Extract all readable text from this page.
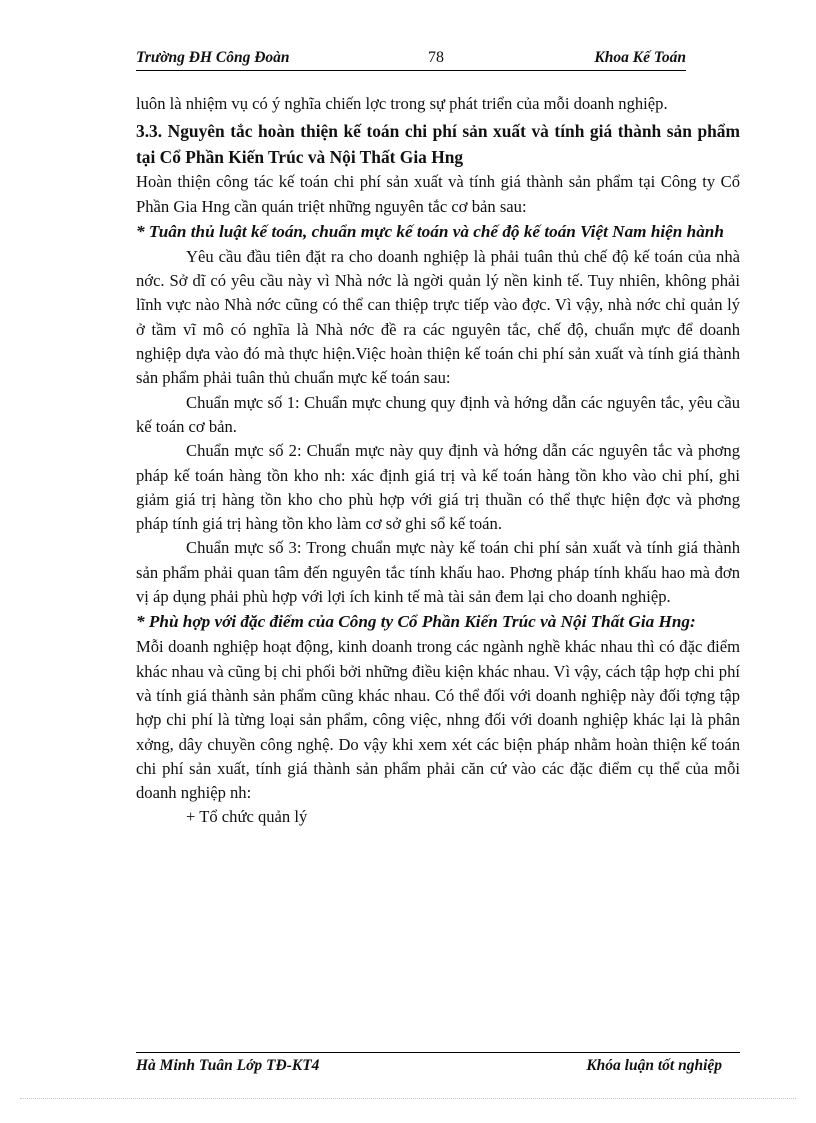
Trường ĐH Công Đoàn	78	Khoa Kế Toán

luôn là nhiệm vụ có ý nghĩa chiến lợc trong sự phát triển của mỗi doanh nghiệp.

3.3. Nguyên tắc hoàn thiện kế toán chi phí sản xuất và tính giá thành sản phẩm tại Cổ Phần Kiến Trúc và Nội Thất Gia Hng

Hoàn thiện công tác kế toán chi phí sản xuất và tính giá thành sản phẩm tại Công ty Cổ Phần Gia Hng cần quán triệt những nguyên tắc cơ bản sau:

* Tuân thủ luật kế toán, chuẩn mực kế toán và chế độ kế toán Việt Nam hiện hành

Yêu cầu đầu tiên đặt ra cho doanh nghiệp là phải tuân thủ chế độ kế toán của nhà nớc. Sở dĩ có yêu cầu này vì Nhà nớc là ngời quản lý nền kinh tế. Tuy nhiên, không phải lĩnh vực nào Nhà nớc cũng có thể can thiệp trực tiếp vào đợc. Vì vậy, nhà nớc chỉ quản lý ở tầm vĩ mô có nghĩa là Nhà nớc đề ra các nguyên tắc, chế độ, chuẩn mực để doanh nghiệp dựa vào đó mà thực hiện.Việc hoàn thiện kế toán chi phí sản xuất và tính giá thành sản phẩm phải tuân thủ chuẩn mực kế toán sau:

Chuẩn mực số 1: Chuẩn mực chung quy định và hớng dẫn các nguyên tắc, yêu cầu kế toán cơ bản.

Chuẩn mực số 2: Chuẩn mực này quy định và hớng dẫn các nguyên tắc và phơng pháp kế toán hàng tồn kho nh: xác định giá trị và kế toán hàng tồn kho vào chi phí, ghi giảm giá trị hàng tồn kho cho phù hợp với giá trị thuần có thể thực hiện đợc và phơng pháp tính giá trị hàng tồn kho làm cơ sở ghi sổ kế toán.

Chuẩn mực số 3: Trong chuẩn mực này kế toán chi phí sản xuất và tính giá thành sản phẩm phải quan tâm đến nguyên tắc tính khấu hao. Phơng pháp tính khấu hao mà đơn vị áp dụng phải phù hợp với lợi ích kinh tế mà tài sản đem lại cho doanh nghiệp.

* Phù hợp với đặc điểm của Công ty Cổ Phần Kiến Trúc và Nội Thất Gia Hng:

Mỗi doanh nghiệp hoạt động, kinh doanh trong các ngành nghề khác nhau thì có đặc điểm khác nhau và cũng bị chi phối bởi những điều kiện khác nhau. Vì vậy, cách tập hợp chi phí và tính giá thành sản phẩm cũng khác nhau. Có thể đối với doanh nghiệp này đối tợng tập hợp chi phí là từng loại sản phẩm, công việc, nhng đối với doanh nghiệp khác lại là phân xởng, dây chuyền công nghệ. Do vậy khi xem xét các biện pháp nhằm hoàn thiện kế toán chi phí sản xuất, tính giá thành sản phẩm phải căn cứ vào các đặc điểm cụ thể của mỗi doanh nghiệp nh:

+ Tổ chức quản lý

Hà Minh Tuân Lớp TĐ-KT4	Khóa luận tốt nghiệp
